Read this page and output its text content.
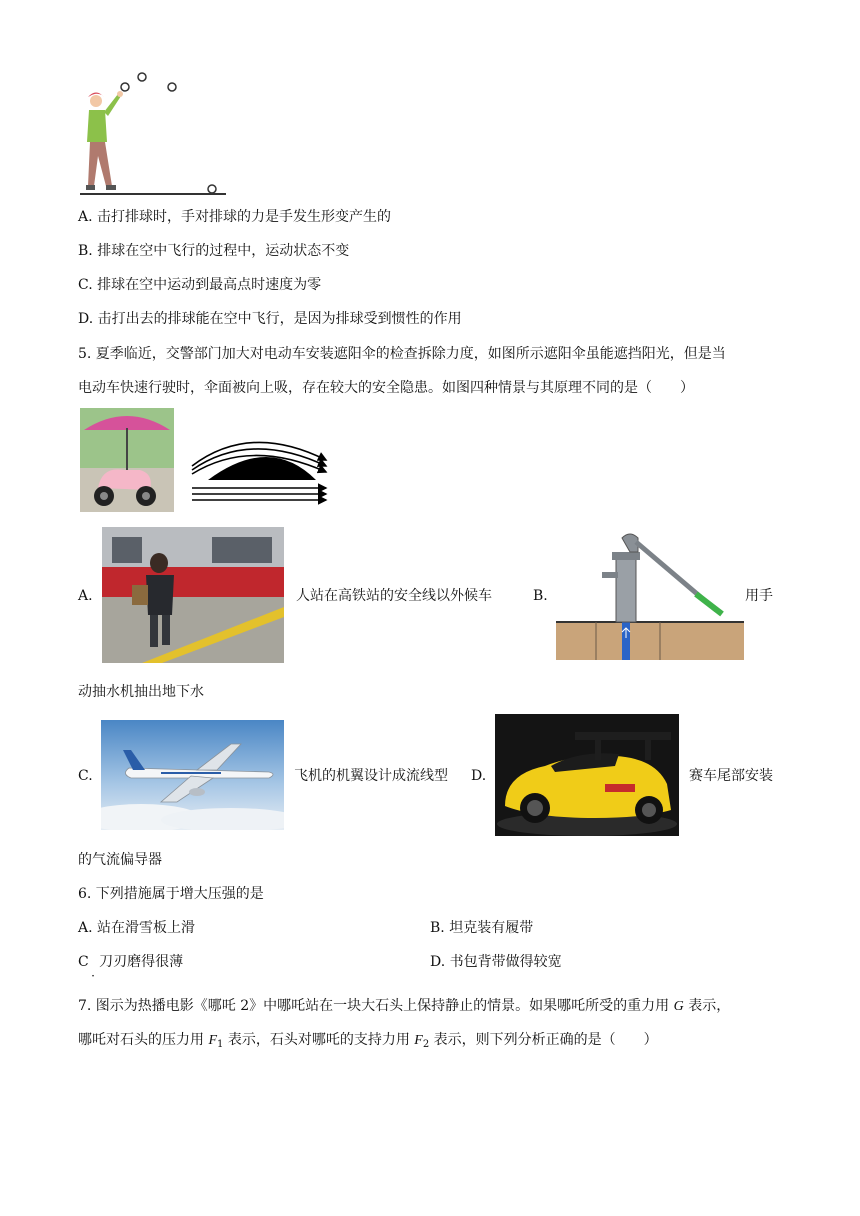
A. 击打排球时，手对排球的力是手发生形变产生的
B. 排球在空中飞行的过程中，运动状态不变
C. 排球在空中运动到最高点时速度为零
D. 击打出去的排球能在空中飞行，是因为排球受到惯性的作用
5. 夏季临近，交警部门加大对电动车安装遮阳伞的检查拆除力度，如图所示遮阳伞虽能遮挡阳光，但是当
电动车快速行驶时，伞面被向上吸，存在较大的安全隐患。如图四种情景与其原理不同的是（　　）
A.	人站在高铁站的安全线以外候车	B.	用手
动抽水机抽出地下水
C.	飞机的机翼设计成流线型 D.	赛车尾部安装
的气流偏导器
6. 下列措施属于增大压强的是
A. 站在滑雪板上滑	B. 坦克装有履带
C
·
刀刃磨得很薄	D. 书包背带做得较宽
7. 图示为热播电影《哪吒 2》中哪吒站在一块大石头上保持静止的情景。如果哪吒所受的重力用 G 表示，
哪吒对石头的压力用 $F_1$ 表示，石头对哪吒的支持力用 $F_2$ 表示，则下列分析正确的是（　　）
